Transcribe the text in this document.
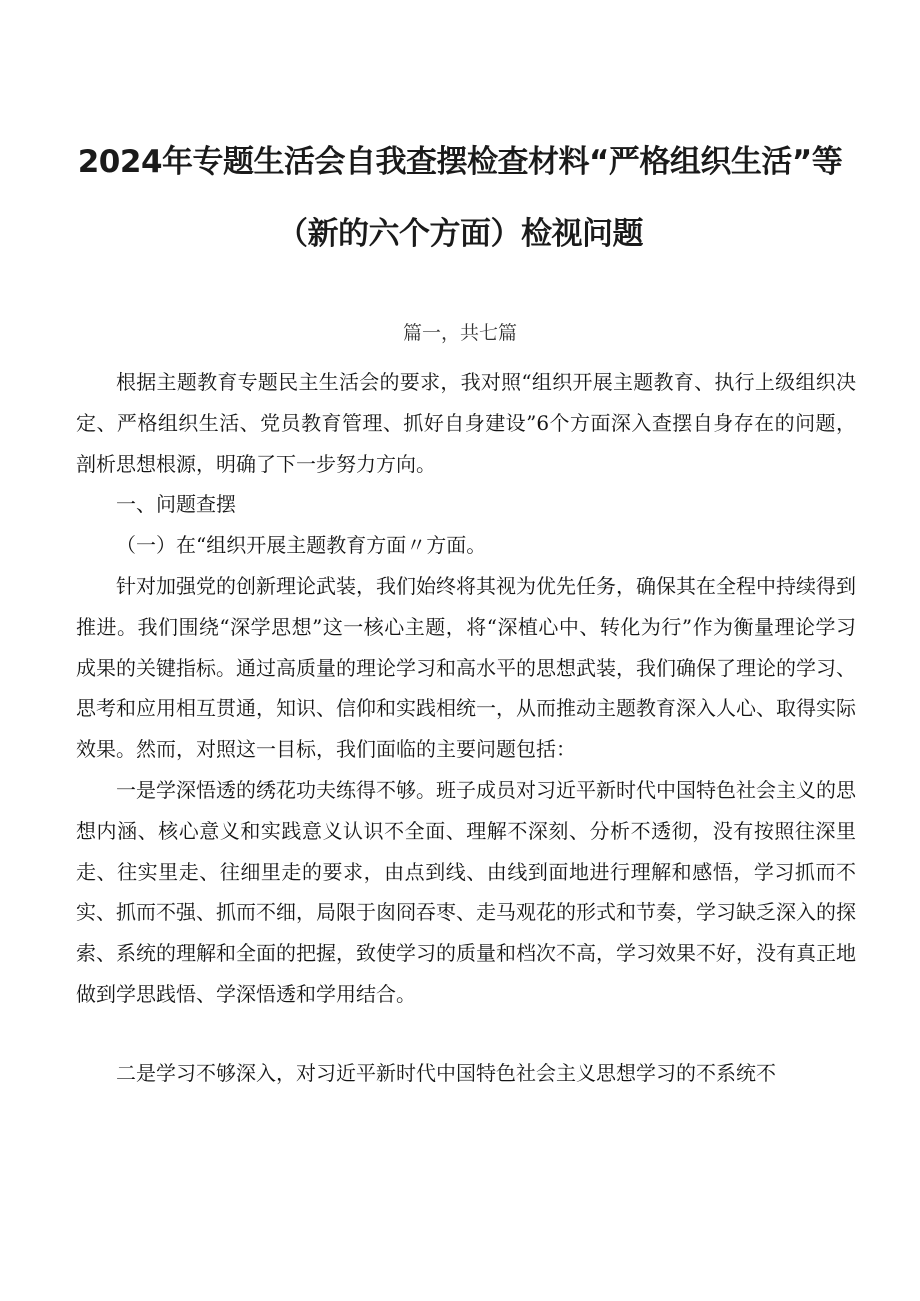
2024年专题生活会自我查摆检查材料“严格组织生活”等
（新的六个方面）检视问题
篇一，共七篇

根据主题教育专题民主生活会的要求，我对照“组织开展主题教育、执行上级组织决定、严格组织生活、党员教育管理、抓好自身建设”6个方面深入查摆自身存在的问题，剖析思想根源，明确了下一步努力方向。

一、问题查摆

（一）在“组织开展主题教育方面〃方面。

针对加强党的创新理论武装，我们始终将其视为优先任务，确保其在全程中持续得到推进。我们围绕“深学思想”这一核心主题，将“深植心中、转化为行”作为衡量理论学习成果的关键指标。通过高质量的理论学习和高水平的思想武装，我们确保了理论的学习、思考和应用相互贯通，知识、信仰和实践相统一，从而推动主题教育深入人心、取得实际效果。然而，对照这一目标，我们面临的主要问题包括：

一是学深悟透的绣花功夫练得不够。班子成员对习近平新时代中国特色社会主义的思想内涵、核心意义和实践意义认识不全面、理解不深刻、分析不透彻，没有按照往深里走、往实里走、往细里走的要求，由点到线、由线到面地进行理解和感悟，学习抓而不实、抓而不强、抓而不细，局限于囱冏吞枣、走马观花的形式和节奏，学习缺乏深入的探索、系统的理解和全面的把握，致使学习的质量和档次不高，学习效果不好，没有真正地做到学思践悟、学深悟透和学用结合。

二是学习不够深入，对习近平新时代中国特色社会主义思想学习的不系统不
